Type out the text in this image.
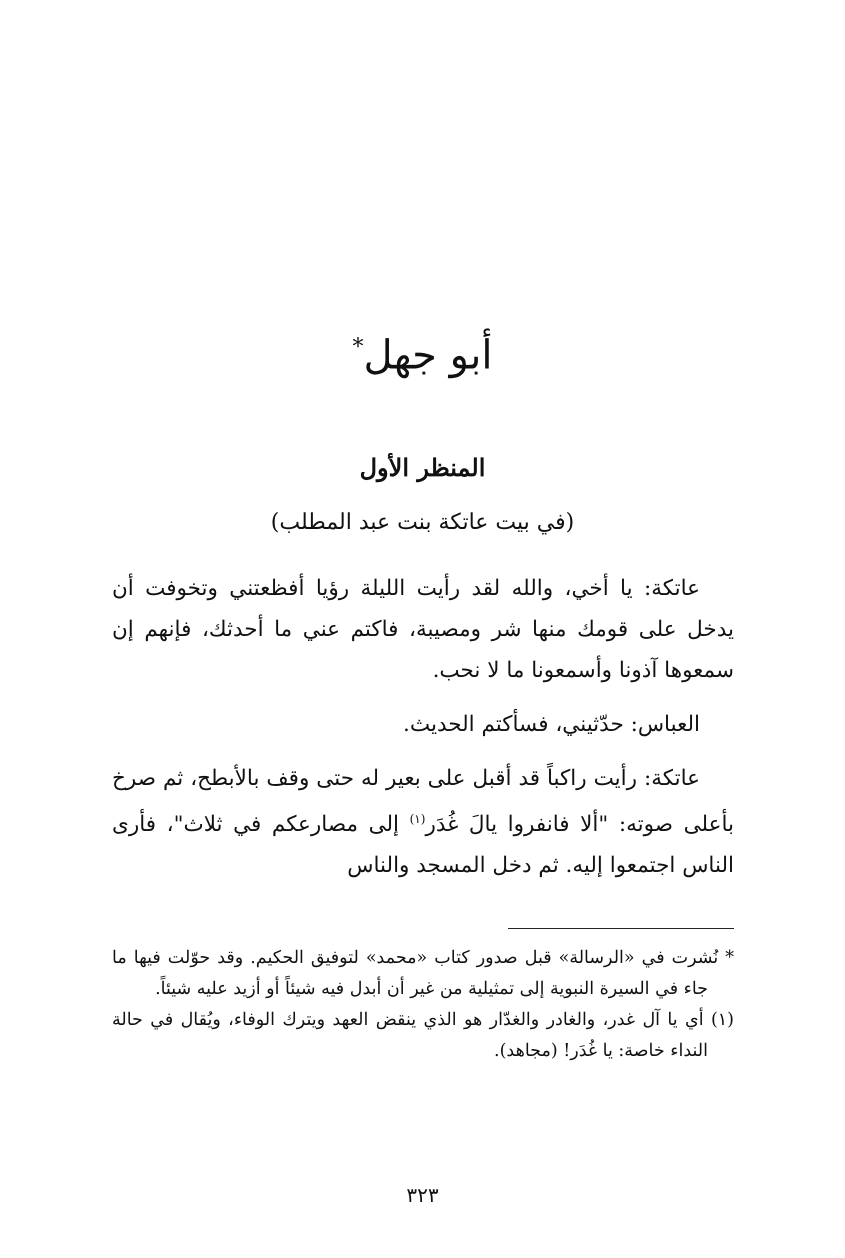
أبو جهل*
المنظر الأول

(في بيت عاتكة بنت عبد المطلب)

عاتكة: يا أخي، والله لقد رأيت الليلة رؤيا أفظعتني وتخوفت أن يدخل على قومك منها شر ومصيبة، فاكتم عني ما أحدثك، فإنهم إن سمعوها آذونا وأسمعونا ما لا نحب.

العباس: حدّثيني، فسأكتم الحديث.

عاتكة: رأيت راكباً قد أقبل على بعير له حتى وقف بالأبطح، ثم صرخ بأعلى صوته: "ألا فانفروا يالَ غُدَر$^{(١)}$ إلى مصارعكم في ثلاث"، فأرى الناس اجتمعوا إليه. ثم دخل المسجد والناس

* نُشرت في «الرسالة» قبل صدور كتاب «محمد» لتوفيق الحكيم. وقد حوّلت فيها ما جاء في السيرة النبوية إلى تمثيلية من غير أن أبدل فيه شيئاً أو أزيد عليه شيئاً.

(١) أي يا آل غدر، والغادر والغدّار هو الذي ينقض العهد ويترك الوفاء، ويُقال في حالة النداء خاصة: يا غُدَر! (مجاهد).

٣٢٣
